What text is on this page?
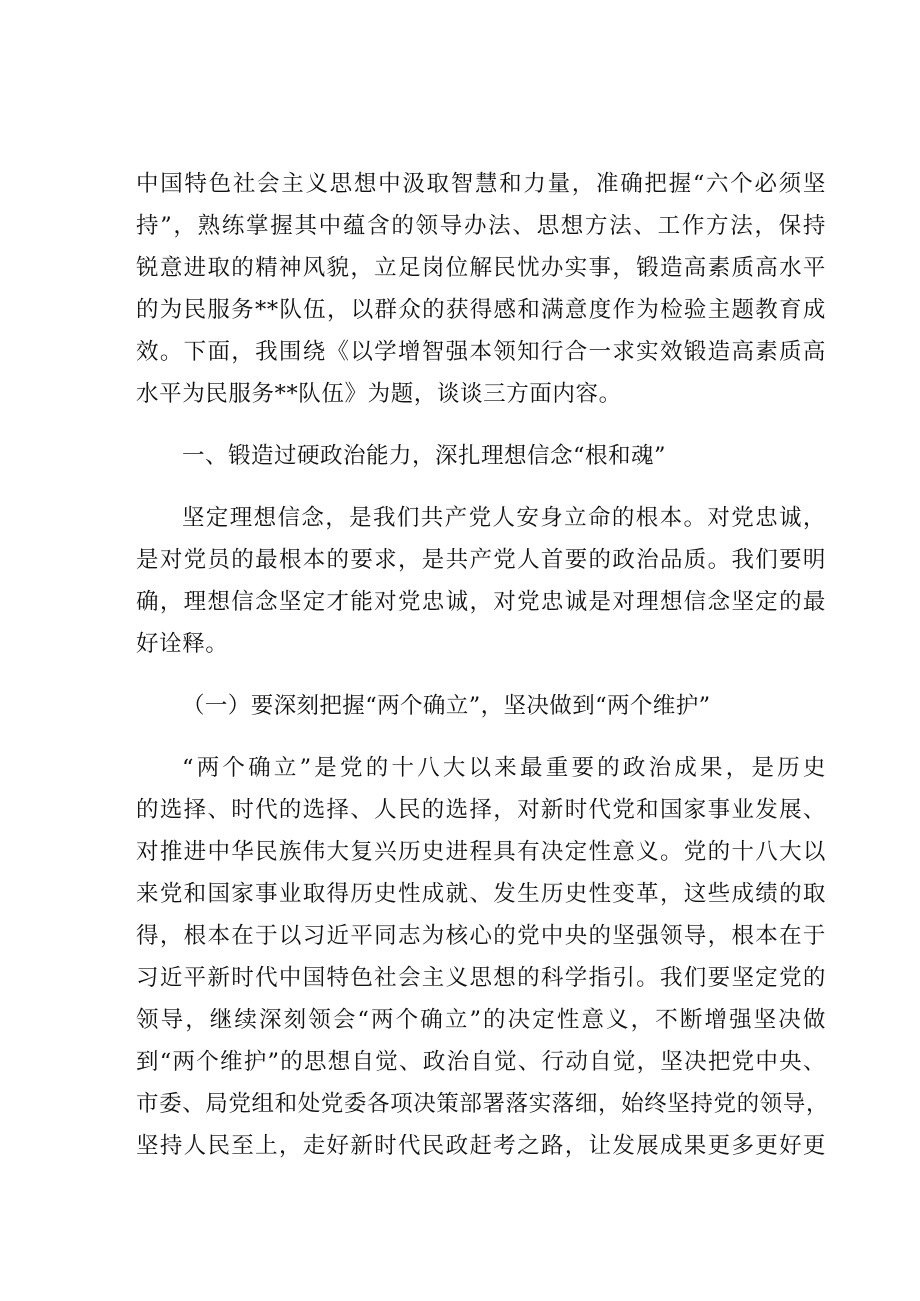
中国特色社会主义思想中汲取智慧和力量，准确把握“六个必须坚
持”，熟练掌握其中蕴含的领导办法、思想方法、工作方法，保持
锐意进取的精神风貌，立足岗位解民忧办实事，锻造高素质高水平
的为民服务**队伍，以群众的获得感和满意度作为检验主题教育成
效。下面，我围绕《以学增智强本领知行合一求实效锻造高素质高
水平为民服务**队伍》为题，谈谈三方面内容。
一、锻造过硬政治能力，深扎理想信念“根和魂”
坚定理想信念，是我们共产党人安身立命的根本。对党忠诚，
是对党员的最根本的要求，是共产党人首要的政治品质。我们要明
确，理想信念坚定才能对党忠诚，对党忠诚是对理想信念坚定的最
好诠释。
（一）要深刻把握“两个确立”，坚决做到“两个维护”
“两个确立”是党的十八大以来最重要的政治成果，是历史
的选择、时代的选择、人民的选择，对新时代党和国家事业发展、
对推进中华民族伟大复兴历史进程具有决定性意义。党的十八大以
来党和国家事业取得历史性成就、发生历史性变革，这些成绩的取
得，根本在于以习近平同志为核心的党中央的坚强领导，根本在于
习近平新时代中国特色社会主义思想的科学指引。我们要坚定党的
领导，继续深刻领会“两个确立”的决定性意义，不断增强坚决做
到“两个维护”的思想自觉、政治自觉、行动自觉，坚决把党中央、
市委、局党组和处党委各项决策部署落实落细，始终坚持党的领导，
坚持人民至上，走好新时代民政赶考之路，让发展成果更多更好更
